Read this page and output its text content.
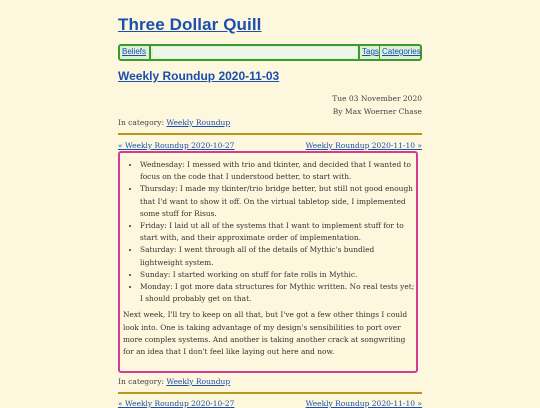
Three Dollar Quill
Beliefs	Tags Categories
Weekly Roundup 2020-11-03
Tue 03 November 2020
By Max Woerner Chase
In category: Weekly Roundup
« Weekly Roundup 2020-10-27	Weekly Roundup 2020-11-10 »
• Wednesday: I messed with trio and tkinter, and decided that I wanted to focus on the code that I understood better, to start with.
• Thursday: I made my tkinter/trio bridge better, but still not good enough that I'd want to show it off. On the virtual tabletop side, I implemented some stuff for Risus.
• Friday: I laid ut all of the systems that I want to implement stuff for to start with, and their approximate order of implementation.
• Saturday: I went through all of the details of Mythic's bundled lightweight system.
• Sunday: I started working on stuff for fate rolls in Mythic.
• Monday: I got more data structures for Mythic written. No real tests yet; I should probably get on that.

Next week, I'll try to keep on all that, but I've got a few other things I could look into. One is taking advantage of my design's sensibilities to port over more complex systems. And another is taking another crack at songwriting for an idea that I don't feel like laying out here and now.

In category: Weekly Roundup
« Weekly Roundup 2020-10-27	Weekly Roundup 2020-11-10 »
